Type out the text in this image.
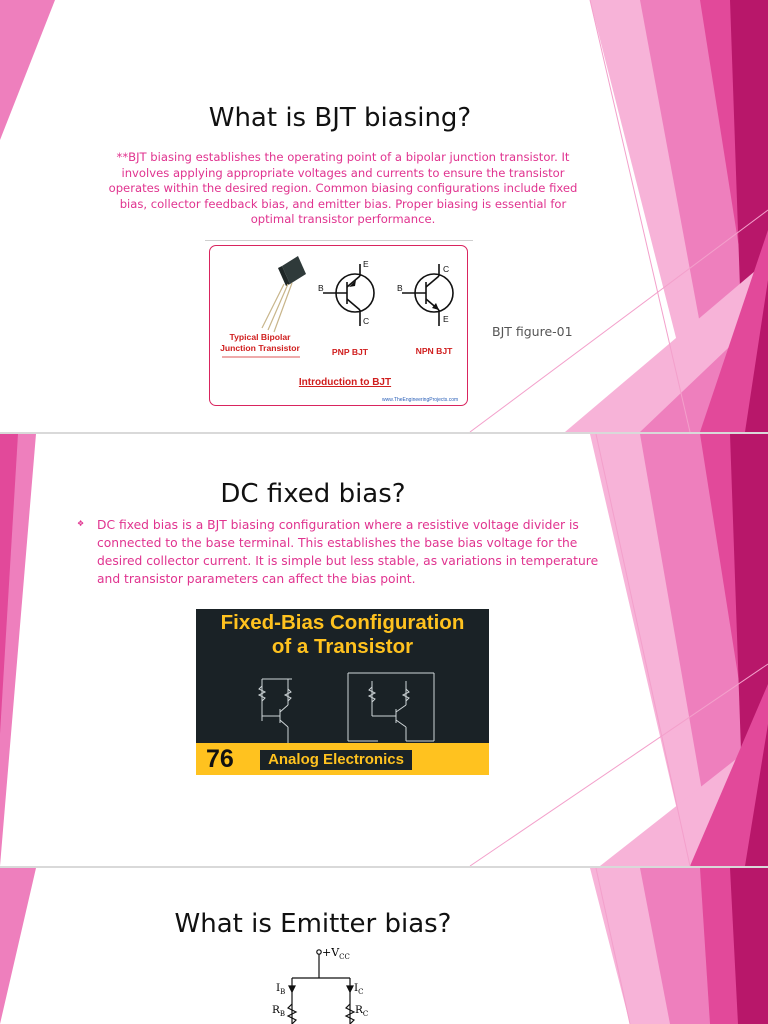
What is BJT biasing?
**BJT biasing establishes the operating point of a bipolar junction transistor. It involves applying appropriate voltages and currents to ensure the transistor operates within the desired region. Common biasing configurations include fixed bias, collector feedback bias, and emitter bias. Proper biasing is essential for optimal transistor performance.
B
E
C
B
C
E
Typical Bipolar Junction Transistor	PNP BJT	NPN BJT
Introduction to BJT
www.TheEngineeringProjects.com
BJT figure-01
DC fixed bias?
❖ DC fixed bias is a BJT biasing configuration where a resistive voltage divider is connected to the base terminal. This establishes the base bias voltage for the desired collector current. It is simple but less stable, as variations in temperature and transistor parameters can affect the bias point.
Fixed-Bias Configuration
of a Transistor
76	Analog Electronics
What is Emitter bias?
$+V_{CC}$
$I_B$	$I_C$
$R_B$	$R_C$
